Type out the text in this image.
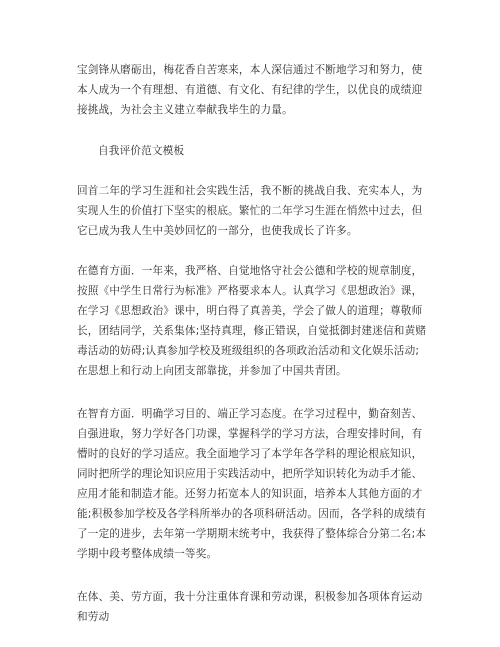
宝剑锋从磨砺出，梅花香自苦寒来，本人深信通过不断地学习和努力，使本人成为一个有理想、有道德、有文化、有纪律的学生，以优良的成绩迎接挑战，为社会主义建立奉献我毕生的力量。
自我评价范文模板
回首二年的学习生涯和社会实践生活，我不断的挑战自我、充实本人，为实现人生的价值打下坚实的根底。繁忙的二年学习生涯在悄然中过去，但它已成为我人生中美妙回忆的一部分，也使我成长了许多。
在德育方面．一年来，我严格、自觉地恪守社会公德和学校的规章制度，按照《中学生日常行为标准》严格要求本人。认真学习《思想政治》课，在学习《思想政治》课中，明白得了真善美，学会了做人的道理；尊敬师长，团结同学，关系集体;坚持真理，修正错误，自觉抵御封建迷信和黄赌毒活动的妨碍;认真参加学校及班级组织的各项政治活动和文化娱乐活动;在思想上和行动上向团支部靠拢，并参加了中国共青团。
在智育方面．明确学习目的、端正学习态度。在学习过程中，勤奋刻苦、自强进取，努力学好各门功课，掌握科学的学习方法，合理安排时间，有懵时的良好的学习适应。我全面地学习了本学年各学科的理论根底知识，同时把所学的理论知识应用于实践活动中，把所学知识转化为动手才能、应用才能和制造才能。还努力拓宽本人的知识面，培养本人其他方面的才能;积极参加学校及各学科所举办的各项科研活动。因而，各学科的成绩有了一定的进步，去年第一学期期末统考中，我获得了整体综合分第二名;本学期中段考整体成绩一等奖。
在体、美、劳方面，我十分注重体育课和劳动课，积极参加各项体育运动和劳动
